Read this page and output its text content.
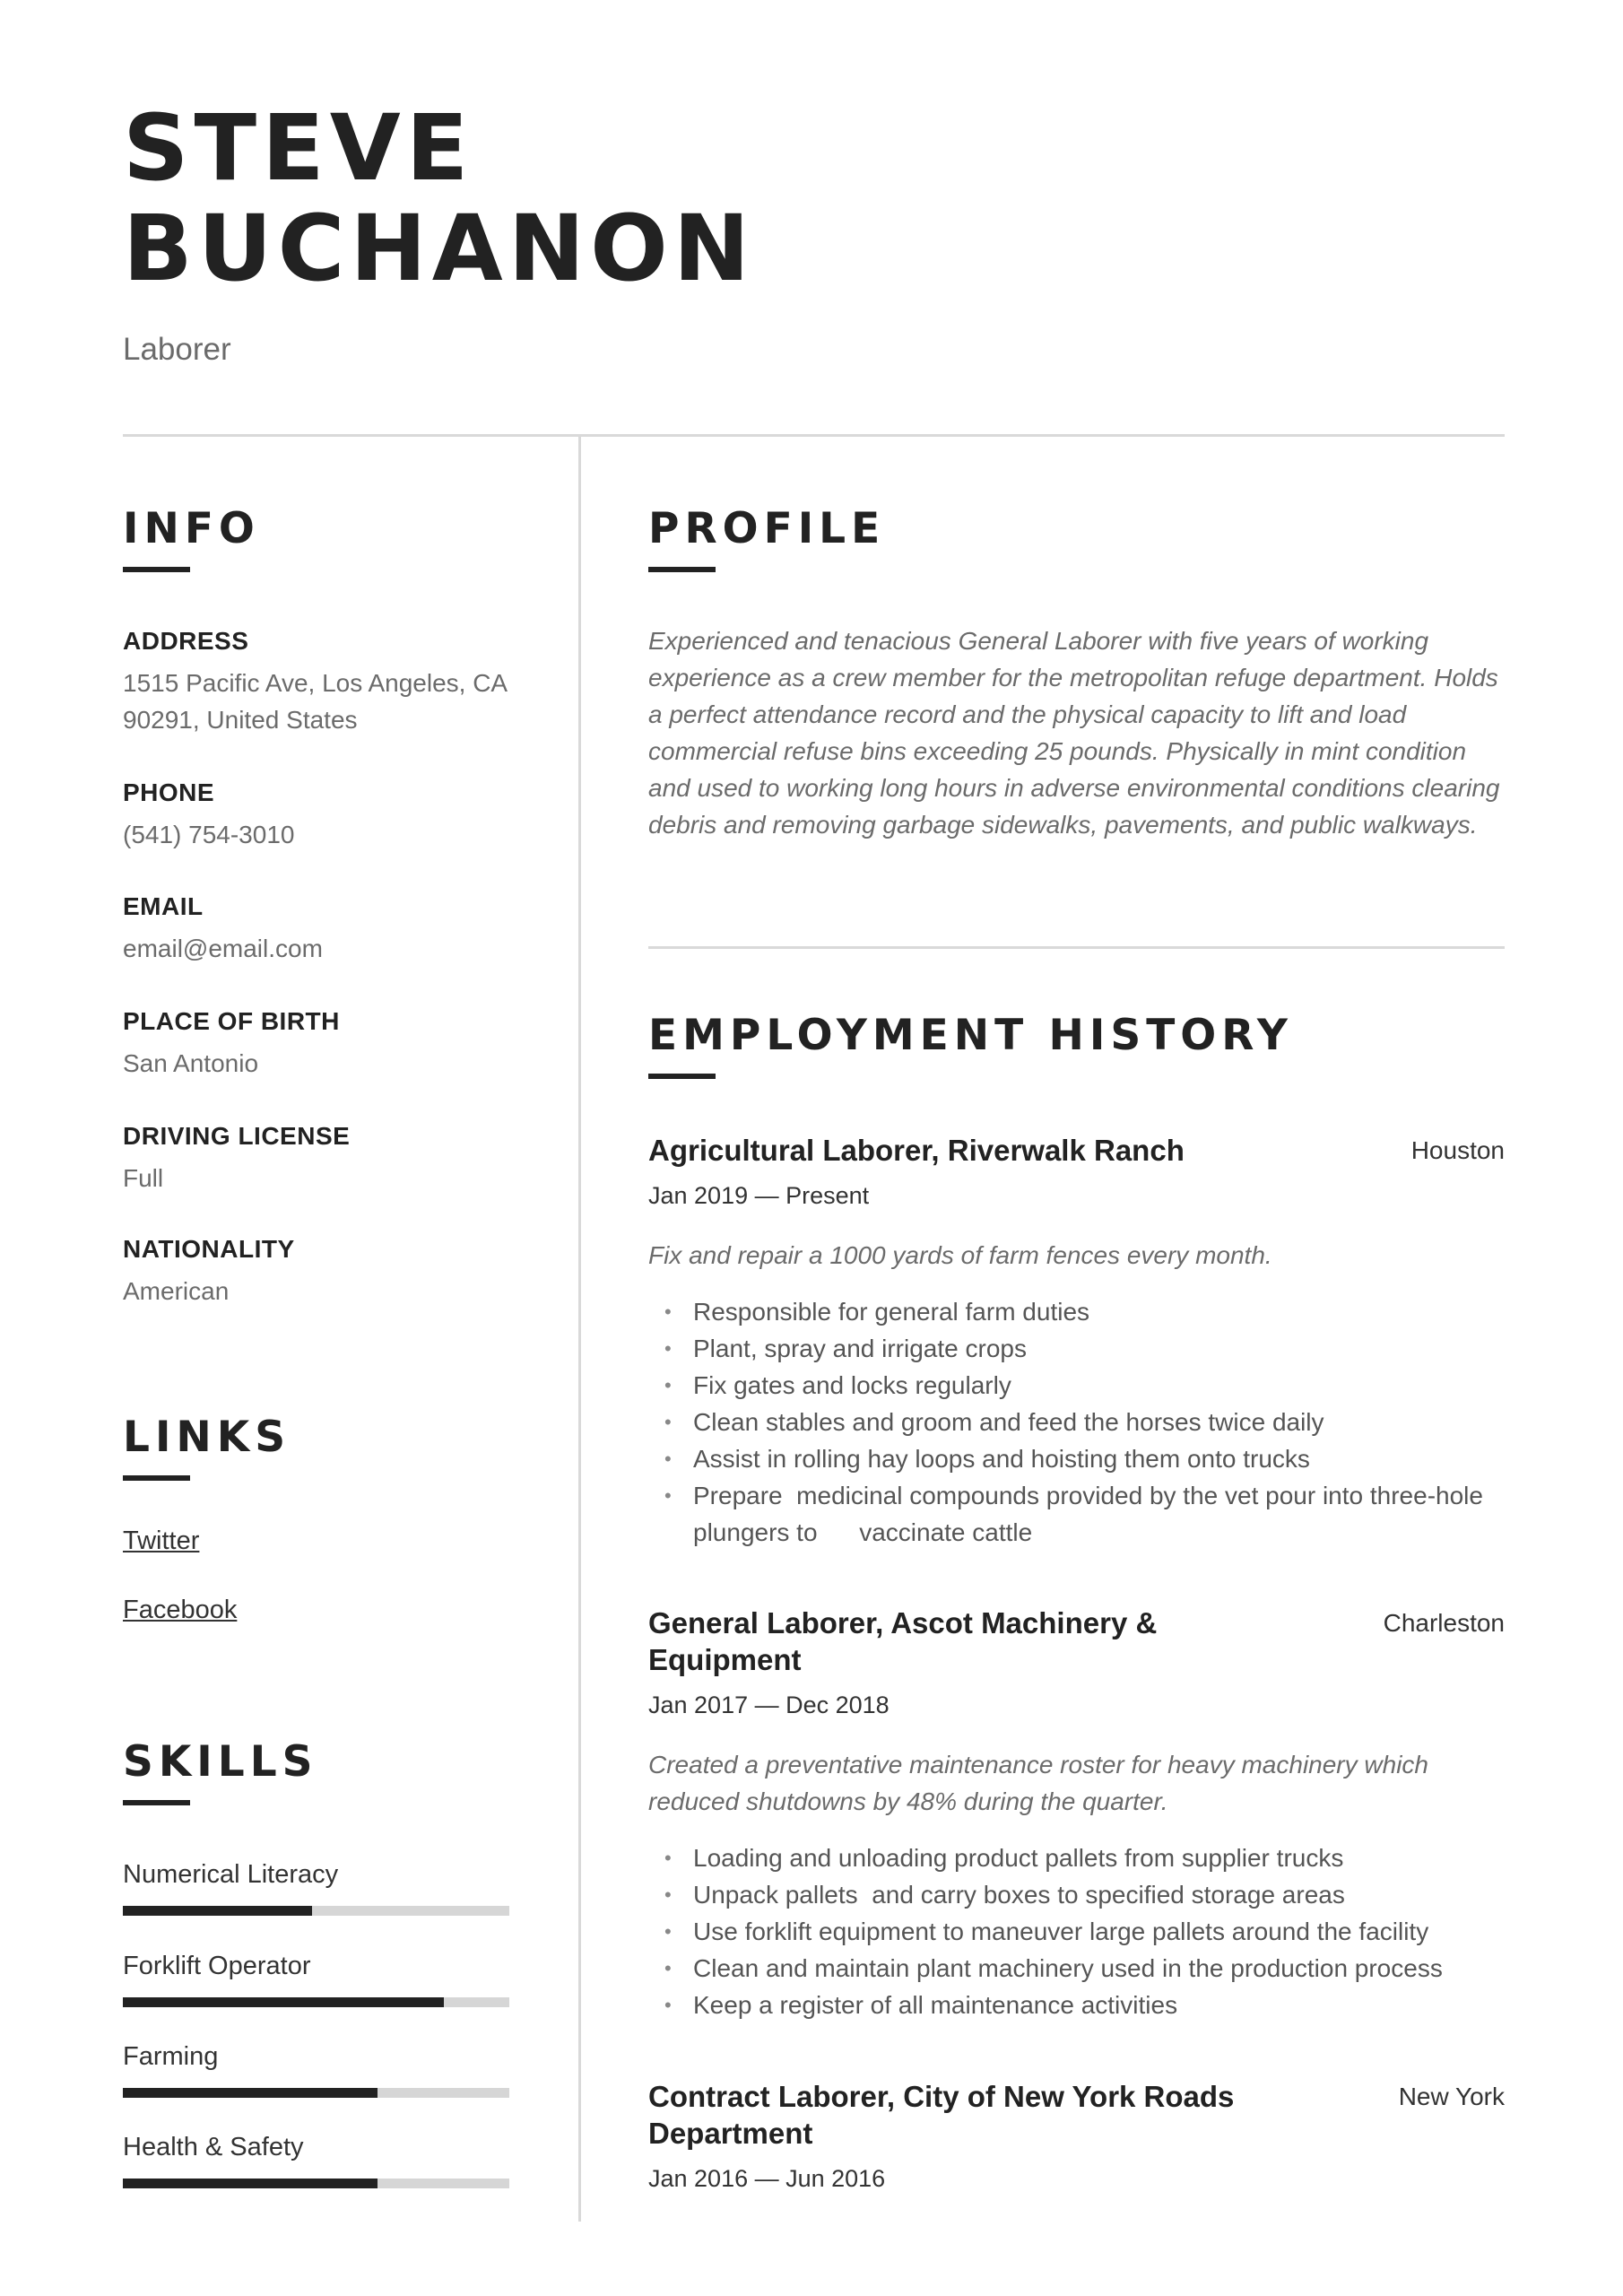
STEVE
BUCHANON
Laborer
INFO
ADDRESS
1515 Pacific Ave, Los Angeles, CA 90291, United States
PHONE
(541) 754-3010
EMAIL
email@email.com
PLACE OF BIRTH
San Antonio
DRIVING LICENSE
Full
NATIONALITY
American
LINKS
Twitter
Facebook
SKILLS
Numerical Literacy
Forklift Operator
Farming
Health & Safety
PROFILE

Experienced and tenacious General Laborer with five years of working experience as a crew member for the metropolitan refuge department. Holds a perfect attendance record and the physical capacity to lift and load commercial refuse bins exceeding 25 pounds. Physically in mint condition and used to working long hours in adverse environmental conditions clearing debris and removing garbage sidewalks, pavements, and public walkways.

EMPLOYMENT HISTORY
Agricultural Laborer, Riverwalk Ranch	Houston
Jan 2019 — Present
Fix and repair a 1000 yards of farm fences every month.
• Responsible for general farm duties
• Plant, spray and irrigate crops
• Fix gates and locks regularly
• Clean stables and groom and feed the horses twice daily
• Assist in rolling hay loops and hoisting them onto trucks
• Prepare  medicinal compounds provided by the vet pour into three-hole plungers to      vaccinate cattle
General Laborer, Ascot Machinery & Equipment
Charleston
Jan 2017 — Dec 2018
Created a preventative maintenance roster for heavy machinery which reduced shutdowns by 48% during the quarter.
• Loading and unloading product pallets from supplier trucks
• Unpack pallets  and carry boxes to specified storage areas
• Use forklift equipment to maneuver large pallets around the facility
• Clean and maintain plant machinery used in the production process
• Keep a register of all maintenance activities
Contract Laborer, City of New York Roads Department
New York
Jan 2016 — Jun 2016
